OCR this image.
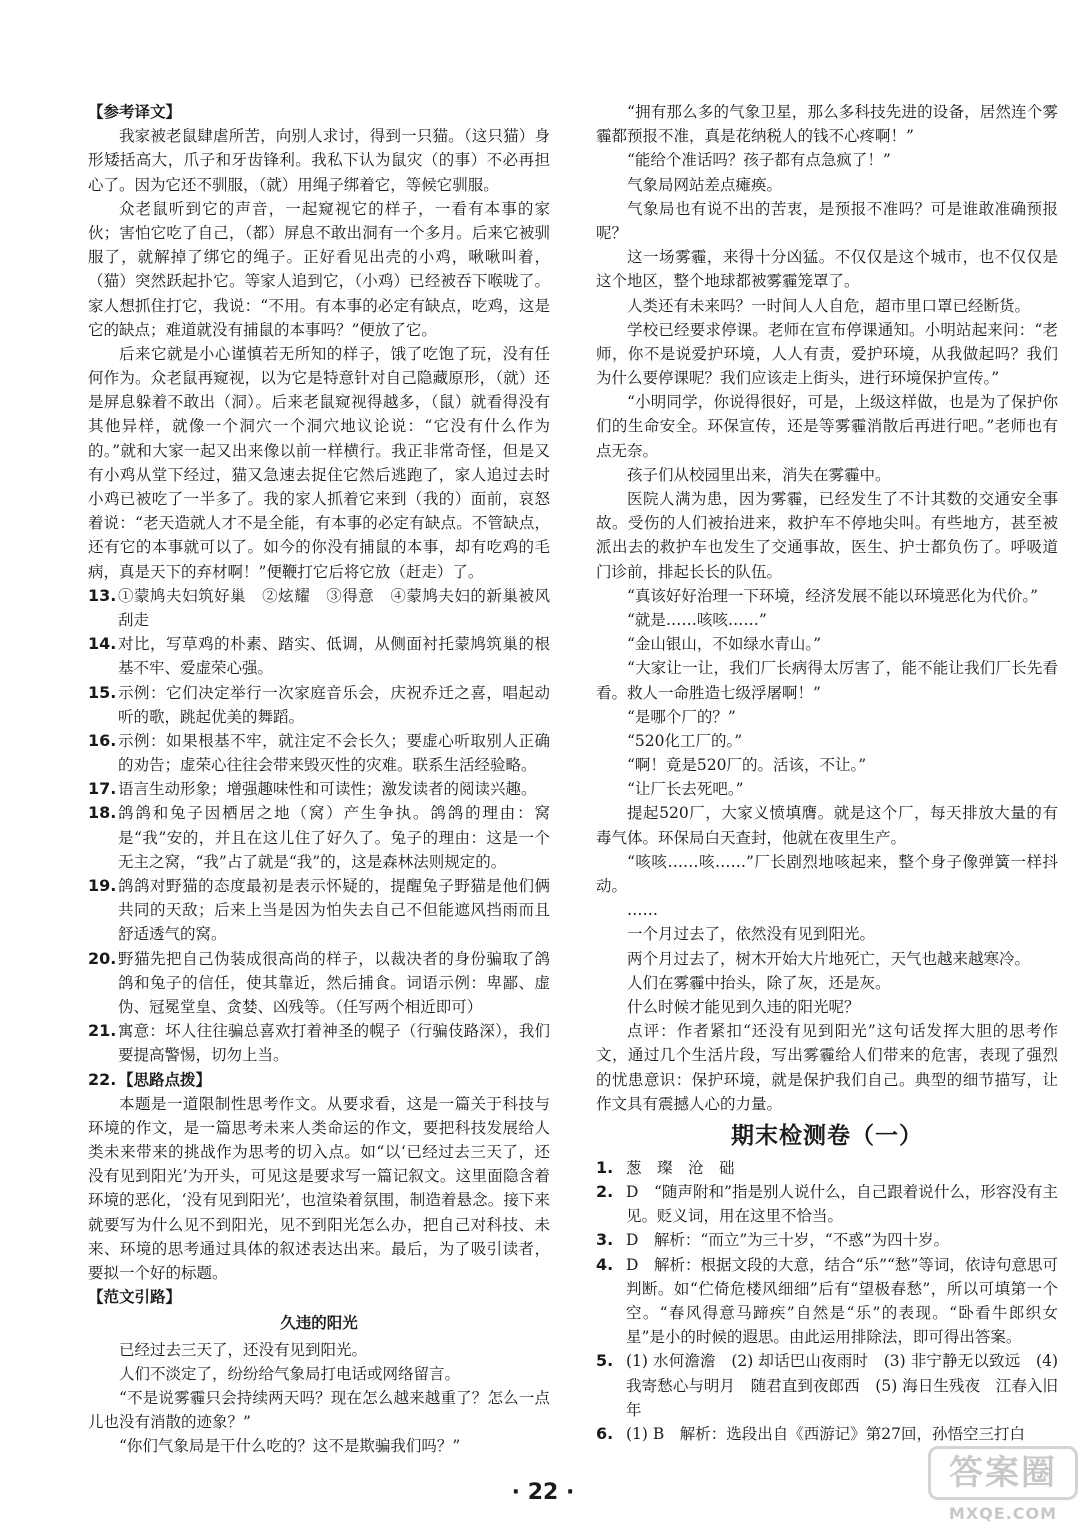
【参考译文】

我家被老鼠肆虐所苦，向别人求讨，得到一只猫。（这只猫）身形矮括高大，爪子和牙齿锋利。我私下认为鼠灾（的事）不必再担心了。因为它还不驯服，（就）用绳子绑着它，等候它驯服。

众老鼠听到它的声音，一起窥视它的样子，一看有本事的家伙；害怕它吃了自己，（都）屏息不敢出洞有一个多月。后来它被驯服了，就解掉了绑它的绳子。正好看见出壳的小鸡，啾啾叫着，（猫）突然跃起扑它。等家人追到它，（小鸡）已经被吞下喉咙了。家人想抓住打它，我说：“不用。有本事的必定有缺点，吃鸡，这是它的缺点；难道就没有捕鼠的本事吗？”便放了它。

后来它就是小心谨慎若无所知的样子，饿了吃饱了玩，没有任何作为。众老鼠再窥视，以为它是特意针对自己隐藏原形，（就）还是屏息躲着不敢出（洞）。后来老鼠窥视得越多，（鼠）就看得没有其他异样，就像一个洞穴一个洞穴地议论说：“它没有什么作为的。”就和大家一起又出来像以前一样横行。我正非常奇怪，但是又有小鸡从堂下经过，猫又急速去捉住它然后逃跑了，家人追过去时小鸡已被吃了一半多了。我的家人抓着它来到（我的）面前，哀怒着说：“老天造就人才不是全能，有本事的必定有缺点。不管缺点，还有它的本事就可以了。如今的你没有捕鼠的本事，却有吃鸡的毛病，真是天下的弃材啊！”便鞭打它后将它放（赶走）了。

13. ①蒙鸠夫妇筑好巢　②炫耀　③得意　④蒙鸠夫妇的新巢被风刮走
14. 对比，写草鸡的朴素、踏实、低调，从侧面衬托蒙鸠筑巢的根基不牢、爱虚荣心强。
15. 示例：它们决定举行一次家庭音乐会，庆祝乔迁之喜，唱起动听的歌，跳起优美的舞蹈。
16. 示例：如果根基不牢，就注定不会长久；要虚心听取别人正确的劝告；虚荣心往往会带来毁灭性的灾难。联系生活经验略。
17. 语言生动形象；增强趣味性和可读性；激发读者的阅读兴趣。
18. 鸽鸽和兔子因栖居之地（窝）产生争执。鸽鸽的理由：窝是“我”安的，并且在这儿住了好久了。兔子的理由：这是一个无主之窝，“我”占了就是“我”的，这是森林法则规定的。
19. 鸽鸽对野猫的态度最初是表示怀疑的，提醒兔子野猫是他们俩共同的天敌；后来上当是因为怕失去自己不但能遮风挡雨而且舒适透气的窝。
20. 野猫先把自己伪装成很高尚的样子，以裁决者的身份骗取了鸽鸽和兔子的信任，使其靠近，然后捕食。词语示例：卑鄙、虚伪、冠冕堂皇、贪婪、凶残等。（任写两个相近即可）
21. 寓意：坏人往往骗总喜欢打着神圣的幌子（行骗伎路深），我们要提高警惕，切勿上当。
22. 【思路点拨】

本题是一道限制性思考作文。从要求看，这是一篇关于科技与环境的作文，是一篇思考未来人类命运的作文，要把科技发展给人类未来带来的挑战作为思考的切入点。如“以‘已经过去三天了，还没有见到阳光’为开头，可见这是要求写一篇记叙文。这里面隐含着环境的恶化，‘没有见到阳光’，也渲染着氛围，制造着悬念。接下来就要写为什么见不到阳光，见不到阳光怎么办，把自己对科技、未来、环境的思考通过具体的叙述表达出来。最后，为了吸引读者，要拟一个好的标题。

【范文引路】

久违的阳光

已经过去三天了，还没有见到阳光。

人们不淡定了，纷纷给气象局打电话或网络留言。

“不是说雾霾只会持续两天吗？现在怎么越来越重了？怎么一点儿也没有消散的迹象？”

“你们气象局是干什么吃的？这不是欺骗我们吗？”

“拥有那么多的气象卫星，那么多科技先进的设备，居然连个雾霾都预报不准，真是花纳税人的钱不心疼啊！”

“能给个准话吗？孩子都有点急疯了！”

气象局网站差点瘫痪。

气象局也有说不出的苦衷，是预报不准吗？可是谁敢准确预报呢？

这一场雾霾，来得十分凶猛。不仅仅是这个城市，也不仅仅是这个地区，整个地球都被雾霾笼罩了。

人类还有未来吗？一时间人人自危，超市里口罩已经断货。

学校已经要求停课。老师在宣布停课通知。小明站起来问：“老师，你不是说爱护环境，人人有责，爱护环境，从我做起吗？我们为什么要停课呢？我们应该走上街头，进行环境保护宣传。”

“小明同学，你说得很好，可是，上级这样做，也是为了保护你们的生命安全。环保宣传，还是等雾霾消散后再进行吧。”老师也有点无奈。

孩子们从校园里出来，消失在雾霾中。

医院人满为患，因为雾霾，已经发生了不计其数的交通安全事故。受伤的人们被抬进来，救护车不停地尖叫。有些地方，甚至被派出去的救护车也发生了交通事故，医生、护士都负伤了。呼吸道门诊前，排起长长的队伍。

“真该好好治理一下环境，经济发展不能以环境恶化为代价。”

“就是……咳咳……”

“金山银山，不如绿水青山。”

“大家让一让，我们厂长病得太厉害了，能不能让我们厂长先看看。救人一命胜造七级浮屠啊！”

“是哪个厂的？”

“520化工厂的。”

“啊！竟是520厂的。活该，不让。”

“让厂长去死吧。”

提起520厂，大家义愤填膺。就是这个厂，每天排放大量的有毒气体。环保局白天查封，他就在夜里生产。

“咳咳……咳……”厂长剧烈地咳起来，整个身子像弹簧一样抖动。

……

一个月过去了，依然没有见到阳光。

两个月过去了，树木开始大片地死亡，天气也越来越寒冷。

人们在雾霾中抬头，除了灰，还是灰。

什么时候才能见到久违的阳光呢？

点评：作者紧扣“还没有见到阳光”这句话发挥大胆的思考作文，通过几个生活片段，写出雾霾给人们带来的危害，表现了强烈的忧患意识：保护环境，就是保护我们自己。典型的细节描写，让作文具有震撼人心的力量。

期末检测卷（一）

1. 葱　璨　沧　础
2. D　“随声附和”指是别人说什么，自己跟着说什么，形容没有主见。贬义词，用在这里不恰当。
3. D　解析：“而立”为三十岁，“不惑”为四十岁。
4. D　解析：根据文段的大意，结合“乐”“愁”等词，依诗句意思可判断。如“伫倚危楼风细细”后有“望极春愁”，所以可填第一个空。“春风得意马蹄疾”自然是“乐”的表现。“卧看牛郎织女星”是小的时候的遐思。由此运用排除法，即可得出答案。
5. (1) 水何澹澹　(2) 却话巴山夜雨时　(3) 非宁静无以致远　(4) 我寄愁心与明月　随君直到夜郎西　(5) 海日生残夜　江春入旧年
6. (1) B　解析：选段出自《西游记》第27回，孙悟空三打白
· 22 ·	答案圈
MXQE.COM
